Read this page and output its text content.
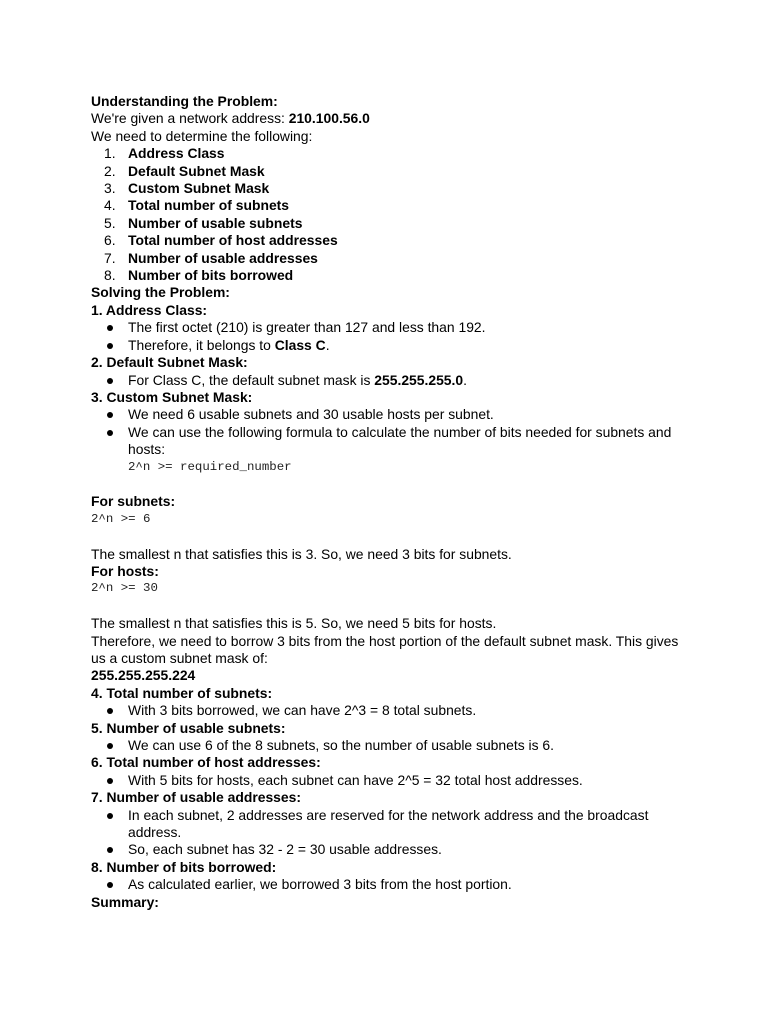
Understanding the Problem:

We're given a network address: 210.100.56.0

We need to determine the following:

1. Address Class
2. Default Subnet Mask
3. Custom Subnet Mask
4. Total number of subnets
5. Number of usable subnets
6. Total number of host addresses
7. Number of usable addresses
8. Number of bits borrowed

Solving the Problem:

1. Address Class:

The first octet (210) is greater than 127 and less than 192.
Therefore, it belongs to Class C.

2. Default Subnet Mask:

For Class C, the default subnet mask is 255.255.255.0.

3. Custom Subnet Mask:

We need 6 usable subnets and 30 usable hosts per subnet.
We can use the following formula to calculate the number of bits needed for subnets and hosts:

2^n >= required_number

For subnets:

2^n >= 6

The smallest n that satisfies this is 3. So, we need 3 bits for subnets.

For hosts:

2^n >= 30

The smallest n that satisfies this is 5. So, we need 5 bits for hosts.

Therefore, we need to borrow 3 bits from the host portion of the default subnet mask. This gives us a custom subnet mask of:

255.255.255.224

4. Total number of subnets:

With 3 bits borrowed, we can have 2^3 = 8 total subnets.

5. Number of usable subnets:

We can use 6 of the 8 subnets, so the number of usable subnets is 6.

6. Total number of host addresses:

With 5 bits for hosts, each subnet can have 2^5 = 32 total host addresses.

7. Number of usable addresses:

In each subnet, 2 addresses are reserved for the network address and the broadcast address.
So, each subnet has 32 - 2 = 30 usable addresses.

8. Number of bits borrowed:

As calculated earlier, we borrowed 3 bits from the host portion.

Summary:
